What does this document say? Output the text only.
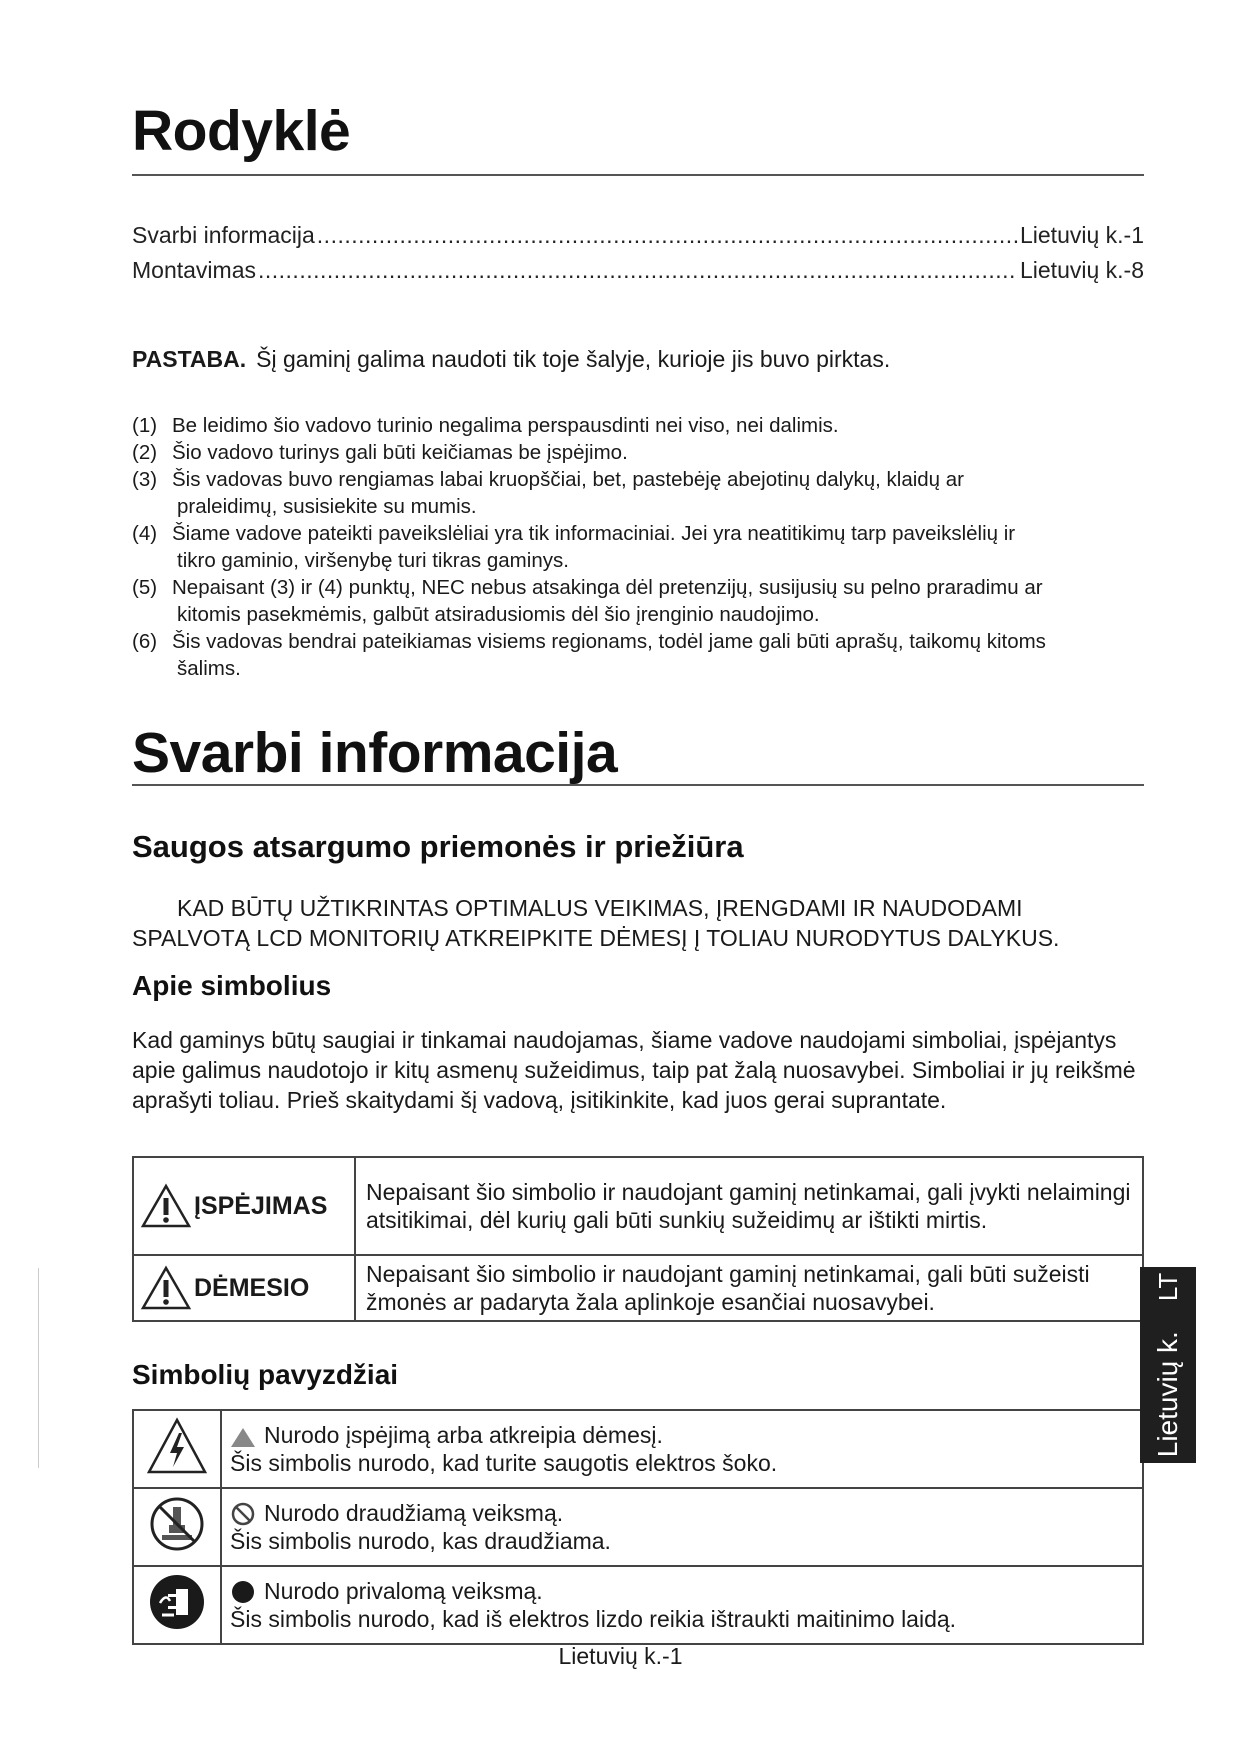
Rodyklė
Svarbi informacija .....	Lietuvių k.-1
Montavimas .....	Lietuvių k.-8
PASTABA. Šį gaminį galima naudoti tik toje šalyje, kurioje jis buvo pirktas.
(1) Be leidimo šio vadovo turinio negalima perspausdinti nei viso, nei dalimis.
(2) Šio vadovo turinys gali būti keičiamas be įspėjimo.
(3) Šis vadovas buvo rengiamas labai kruopščiai, bet, pastebėję abejotinų dalykų, klaidų ar
praleidimų, susisiekite su mumis.
(4) Šiame vadove pateikti paveikslėliai yra tik informaciniai. Jei yra neatitikimų tarp paveikslėlių ir
tikro gaminio, viršenybę turi tikras gaminys.
(5) Nepaisant (3) ir (4) punktų, NEC nebus atsakinga dėl pretenzijų, susijusių su pelno praradimu ar
kitomis pasekmėmis, galbūt atsiradusiomis dėl šio įrenginio naudojimo.
(6) Šis vadovas bendrai pateikiamas visiems regionams, todėl jame gali būti aprašų, taikomų kitoms
šalims.
Svarbi informacija
Saugos atsargumo priemonės ir priežiūra
KAD BŪTŲ UŽTIKRINTAS OPTIMALUS VEIKIMAS, ĮRENGDAMI IR NAUDODAMI
SPALVOTĄ LCD MONITORIŲ ATKREIPKITE DĖMESĮ Į TOLIAU NURODYTUS DALYKUS.
Apie simbolius
Kad gaminys būtų saugiai ir tinkamai naudojamas, šiame vadove naudojami simboliai, įspėjantys apie galimus naudotojo ir kitų asmenų sužeidimus, taip pat žalą nuosavybei. Simboliai ir jų reikšmė aprašyti toliau. Prieš skaitydami šį vadovą, įsitikinkite, kad juos gerai suprantate.
ĮSPĖJIMAS	Nepaisant šio simbolio ir naudojant gaminį netinkamai, gali įvykti nelaimingi atsitikimai, dėl kurių gali būti sunkių sužeidimų ar ištikti mirtis.

DĖMESIO	Nepaisant šio simbolio ir naudojant gaminį netinkamai, gali būti sužeisti žmonės ar padaryta žala aplinkoje esančiai nuosavybei.
Simbolių pavyzdžiai

Nurodo įspėjimą arba atkreipia dėmesį.
Šis simbolis nurodo, kad turite saugotis elektros šoko.

Nurodo draudžiamą veiksmą.
Šis simbolis nurodo, kas draudžiama.

Nurodo privalomą veiksmą.
Šis simbolis nurodo, kad iš elektros lizdo reikia ištraukti maitinimo laidą.
Lietuvių k.-1
Lietuvių k.LT
